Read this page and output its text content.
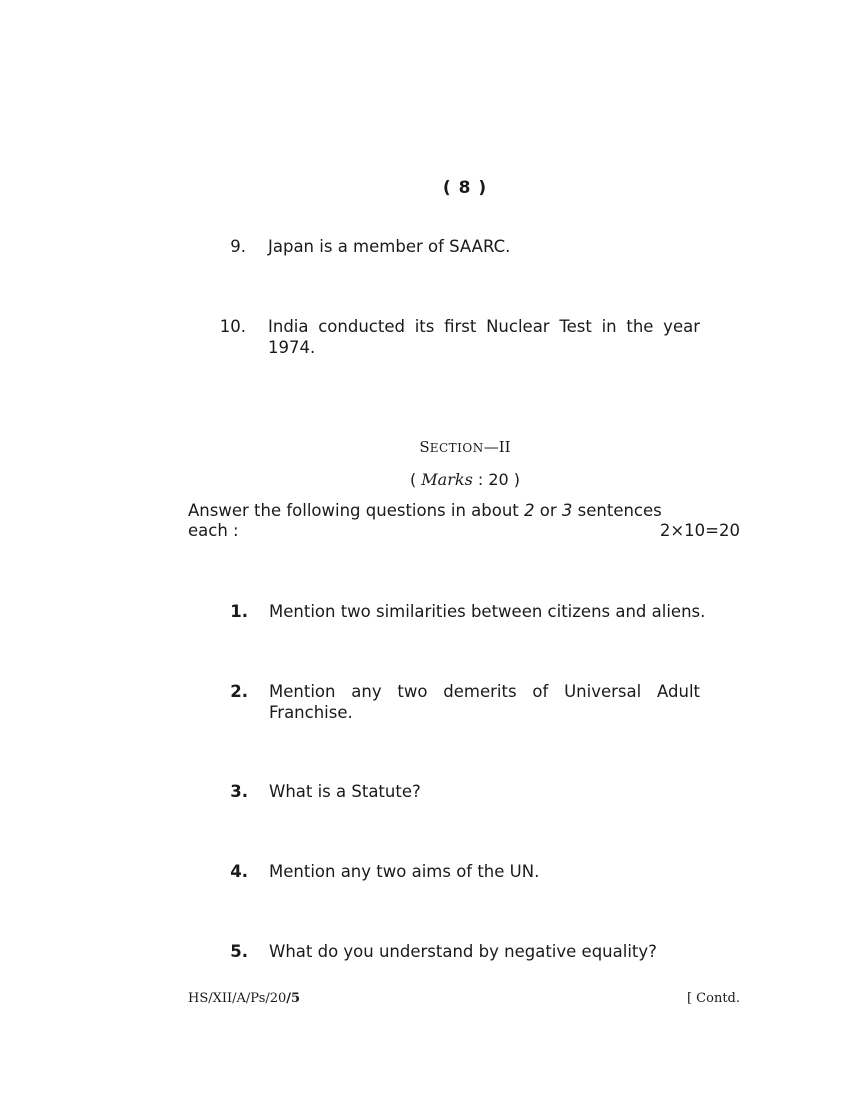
( 8 )
9. Japan is a member of SAARC.
10. India conducted its first Nuclear Test in the year
1974.
SECTION—II
( Marks : 20 )
Answer the following questions in about 2 or 3 sentences
each :	2×10=20
1. Mention two similarities between citizens and aliens.
2. Mention any two demerits of Universal Adult
Franchise.
3. What is a Statute?
4. Mention any two aims of the UN.
5. What do you understand by negative equality?
HS/XII/A/Ps/20/5	[ Contd.
